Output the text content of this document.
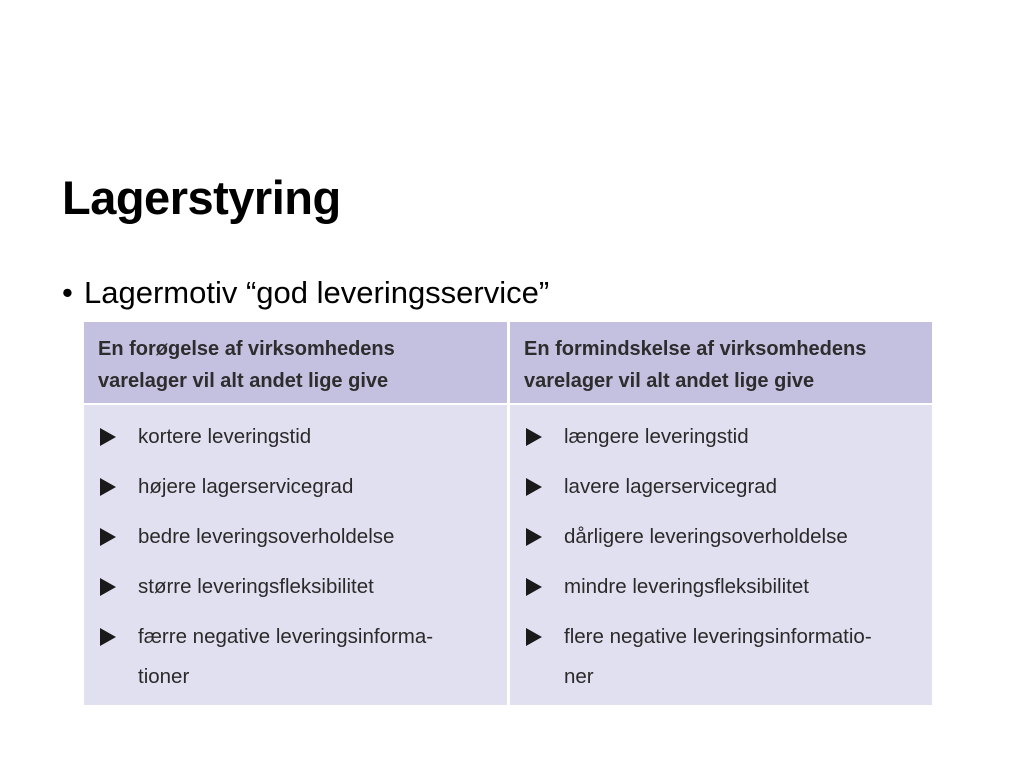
Lagerstyring
• Lagermotiv “god leveringsservice”
En forøgelse af virksomhedens
varelager vil alt andet lige give
En formindskelse af virksomhedens
varelager vil alt andet lige give
kortere leveringstid
højere lagerservicegrad
bedre leveringsoverholdelse
større leveringsfleksibilitet
færre negative leveringsinforma-
tioner
længere leveringstid
lavere lagerservicegrad
dårligere leveringsoverholdelse
mindre leveringsfleksibilitet
flere negative leveringsinformatio-
ner
